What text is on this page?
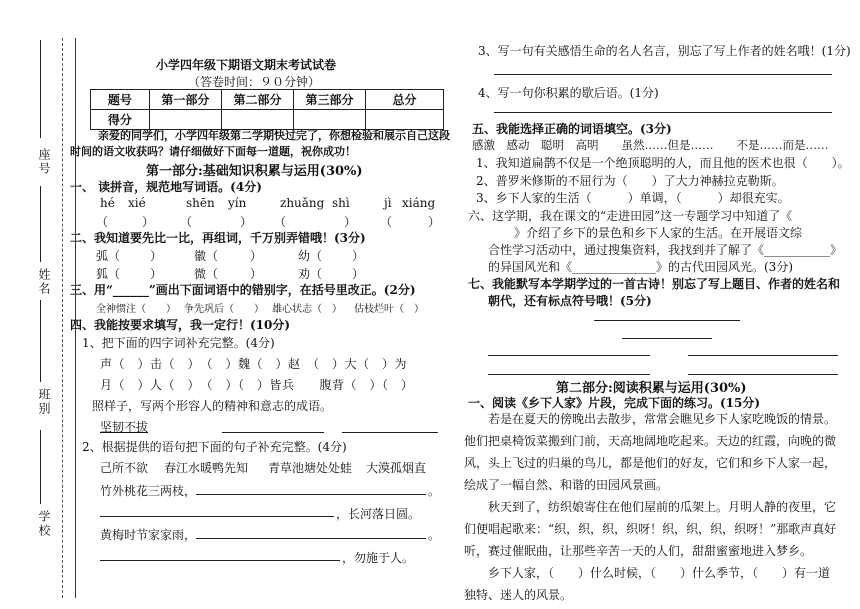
座号
姓名
班别
学校
小学四年级下期语文期末考试试卷
（答卷时间：９０分钟）
题号	第一部分	第二部分	第三部分	总分
得分				
亲爱的同学们，小学四年级第二学期快过完了，你想检验和展示自己这段
时间的语文收获吗？请仔细做好下面每一道题，祝你成功！
第一部分:基础知识积累与运用(30%)
一、 读拼音，规范地写词语。(4分)
hé xié	shēn yín	zhuǎng shì	jì xiáng
（	） （	） （	） （	）
二、我知道要先比一比，再组词，千万别弄错哦！(3分)
弧（ ）	徽（	）	幼（ ）
狐（ ）	微（	）	劝（ ）
三、用“______”画出下面词语中的错别字，在括号里改正。(2分)
全神惯注（　　） 争先巩后（　　） 雄心状志（　） 估枝烂叶（　）
四、我能按要求填写，我一定行！(10分)
1、把下面的四字词补充完整。(4分)
声（　）击（　）　（　）魏（　）赵　（　）大（　）为
月（　）人（　）　（　）（　）皆兵　　腹背（　）（　）
照样子，写两个形容人的精神和意志的成语。
坚韧不拔
2、根据提供的语句把下面的句子补充完整。(4分)
己所不欲 春江水暖鸭先知 青草池塘处处蛙 大漠孤烟直
竹外桃花三两枝，	。
，长河落日圆。
黄梅时节家家雨，	。
，勿施于人。
3、写一句有关感悟生命的名人名言，别忘了写上作者的姓名哦！(1分)
4、写一句你积累的歇后语。(1分)
五、我能选择正确的词语填空。(3分)
感激　感动　聪明　高明　　虽然……但是……　　不是……而是……
1、我知道扁鹊不仅是一个绝顶聪明的人，而且他的医术也很（　　）。
2、普罗米修斯的不屈行为（　　）了大力神赫拉克勒斯。
3、乡下人家的生活（　　　）单调，（　　　）却很充实。
六、这学期，我在课文的“走进田园”这一专题学习中知道了《
》介绍了乡下的景色和乡下人家的生活。在开展语文综
合性学习活动中，通过搜集资料，我找到并了解了《___________》
的异国风光和《______________》的古代田园风光。(3分)
七、我能默写本学期学过的一首古诗！别忘了写上题目、作者的姓名和
朝代，还有标点符号哦！(5分)
第二部分:阅读积累与运用(30%)
一、阅读《乡下人家》片段，完成下面的练习。(15分)

若是在夏天的傍晚出去散步，常常会瞧见乡下人家吃晚饭的情景。他们把桌椅饭菜搬到门前，天高地阔地吃起来。天边的红霞，向晚的微风，头上飞过的归巢的鸟儿，都是他们的好友，它们和乡下人家一起，绘成了一幅自然、和谐的田园风景画。

秋天到了，纺织娘寄住在他们屋前的瓜架上。月明人静的夜里，它们便唱起歌来：“织，织，织，织呀！织，织，织，织呀！”那歌声真好听，赛过催眠曲，让那些辛苦一天的人们，甜甜蜜蜜地进入梦乡。

乡下人家，（　　）什么时候，（　　）什么季节，（　　）有一道独特、迷人的风景。
